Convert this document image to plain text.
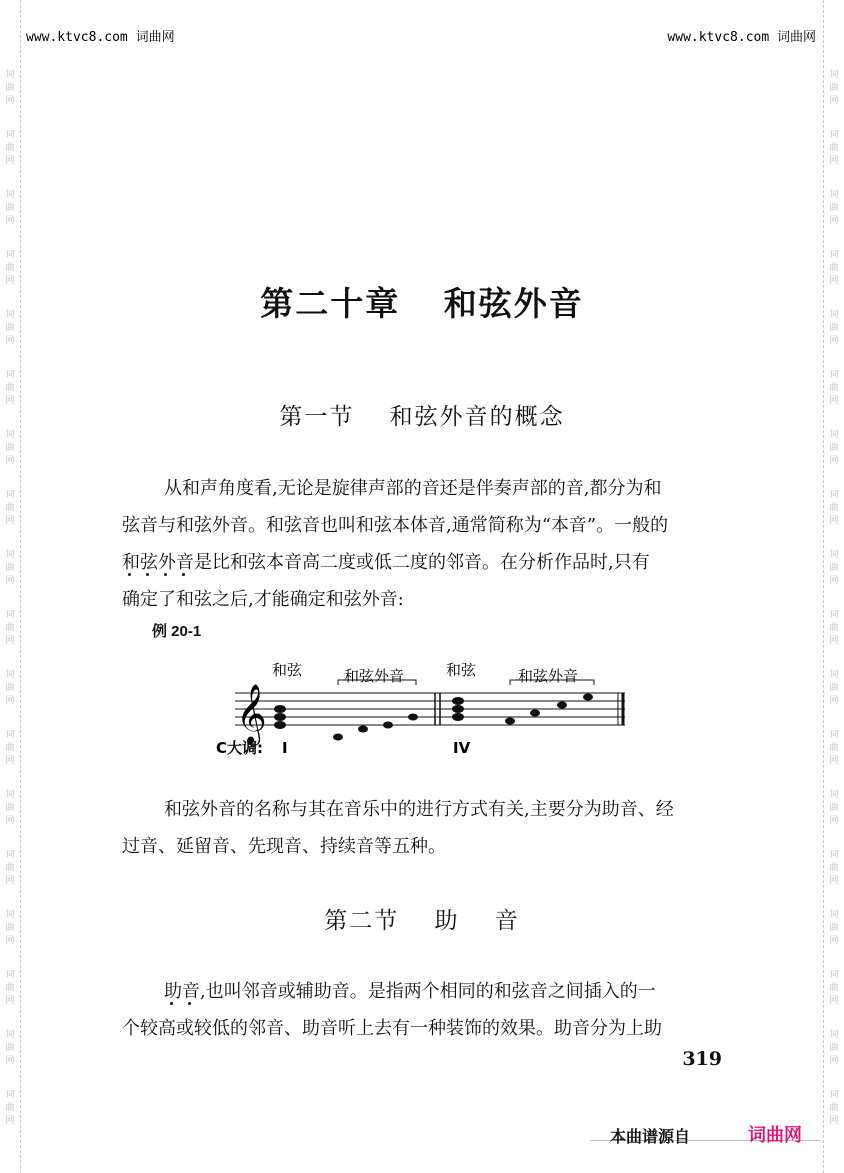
词
曲
网
词
曲
网
词
曲
网
词
曲
网
词
曲
网
词
曲
网
词
曲
网
词
曲
网
词
曲
网
词
曲
网
词
曲
网
词
曲
网
词
曲
网
词
曲
网
词
曲
网
词
曲
网
词
曲
网
词
曲
网
词
曲
网
词
曲
网
词
曲
网
词
曲
网
词
曲
网
词
曲
网
词
曲
网
词
曲
网
词
曲
网
词
曲
网
词
曲
网
词
曲
网
词
曲
网
词
曲
网
词
曲
网
词
曲
网
词
曲
网
词
曲
网
www.ktvc8.com 词曲网	www.ktvc8.com 词曲网
第二十章 和弦外音
第一节 和弦外音的概念
从和声角度看,无论是旋律声部的音还是伴奏声部的音,都分为和
弦音与和弦外音。和弦音也叫和弦本体音,通常简称为“本音”。一般的
和弦外音是比和弦本音高二度或低二度的邻音。在分析作品时,只有
确定了和弦之后,才能确定和弦外音:
例 20-1
𝄞
和弦	和弦外音	和弦	和弦外音
C大调: I	IV
和弦外音的名称与其在音乐中的进行方式有关,主要分为助音、经
过音、延留音、先现音、持续音等五种。
第二节 助 音
助音,也叫邻音或辅助音。是指两个相同的和弦音之间插入的一
个较高或较低的邻音、助音听上去有一种装饰的效果。助音分为上助
319
本曲谱源自	词曲网
